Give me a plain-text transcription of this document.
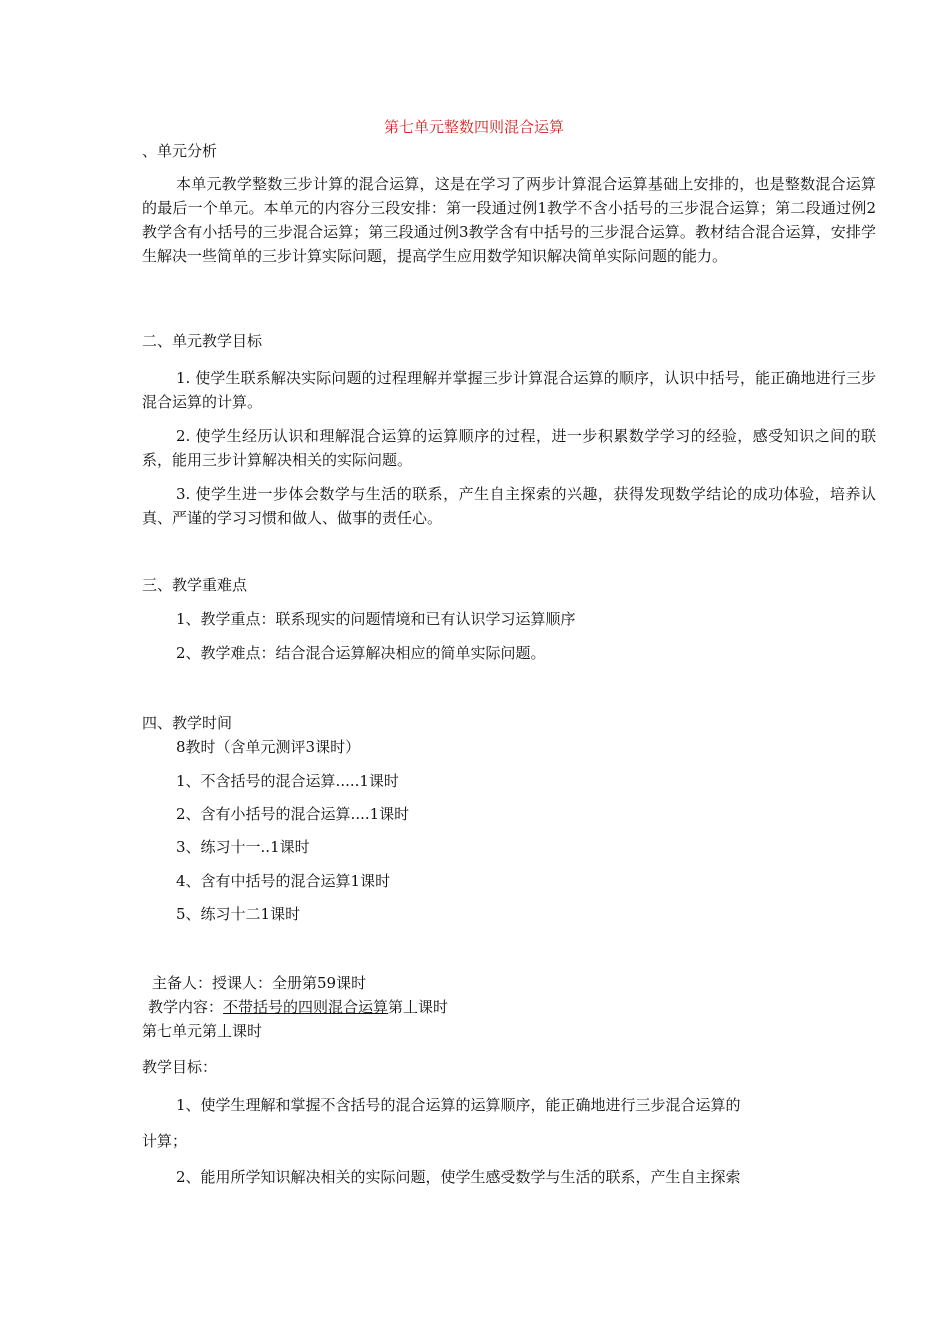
第七单元整数四则混合运算
、单元分析
本单元教学整数三步计算的混合运算，这是在学习了两步计算混合运算基础上安排的，也是整数混合运算的最后一个单元。本单元的内容分三段安排：第一段通过例1教学不含小括号的三步混合运算；第二段通过例2教学含有小括号的三步混合运算；第三段通过例3教学含有中括号的三步混合运算。教材结合混合运算，安排学生解决一些简单的三步计算实际问题，提高学生应用数学知识解决简单实际问题的能力。
二、单元教学目标
1. 使学生联系解决实际问题的过程理解并掌握三步计算混合运算的顺序，认识中括号，能正确地进行三步混合运算的计算。
2. 使学生经历认识和理解混合运算的运算顺序的过程，进一步积累数学学习的经验，感受知识之间的联系，能用三步计算解决相关的实际问题。
3. 使学生进一步体会数学与生活的联系，产生自主探索的兴趣，获得发现数学结论的成功体验，培养认真、严谨的学习习惯和做人、做事的责任心。
三、教学重难点
1、教学重点：联系现实的问题情境和已有认识学习运算顺序
2、教学难点：结合混合运算解决相应的简单实际问题。
四、教学时间
8教时（含单元测评3课时）
1、不含括号的混合运算.....1课时
2、含有小括号的混合运算....1课时
3、练习十一..1课时
4、含有中括号的混合运算1课时
5、练习十二1课时
主备人：授课人：全册第59课时
教学内容：不带括号的四则混合运算第丄课时
第七单元第丄课时
教学目标：
1、使学生理解和掌握不含括号的混合运算的运算顺序，能正确地进行三步混合运算的
计算；
2、能用所学知识解决相关的实际问题，使学生感受数学与生活的联系，产生自主探索
